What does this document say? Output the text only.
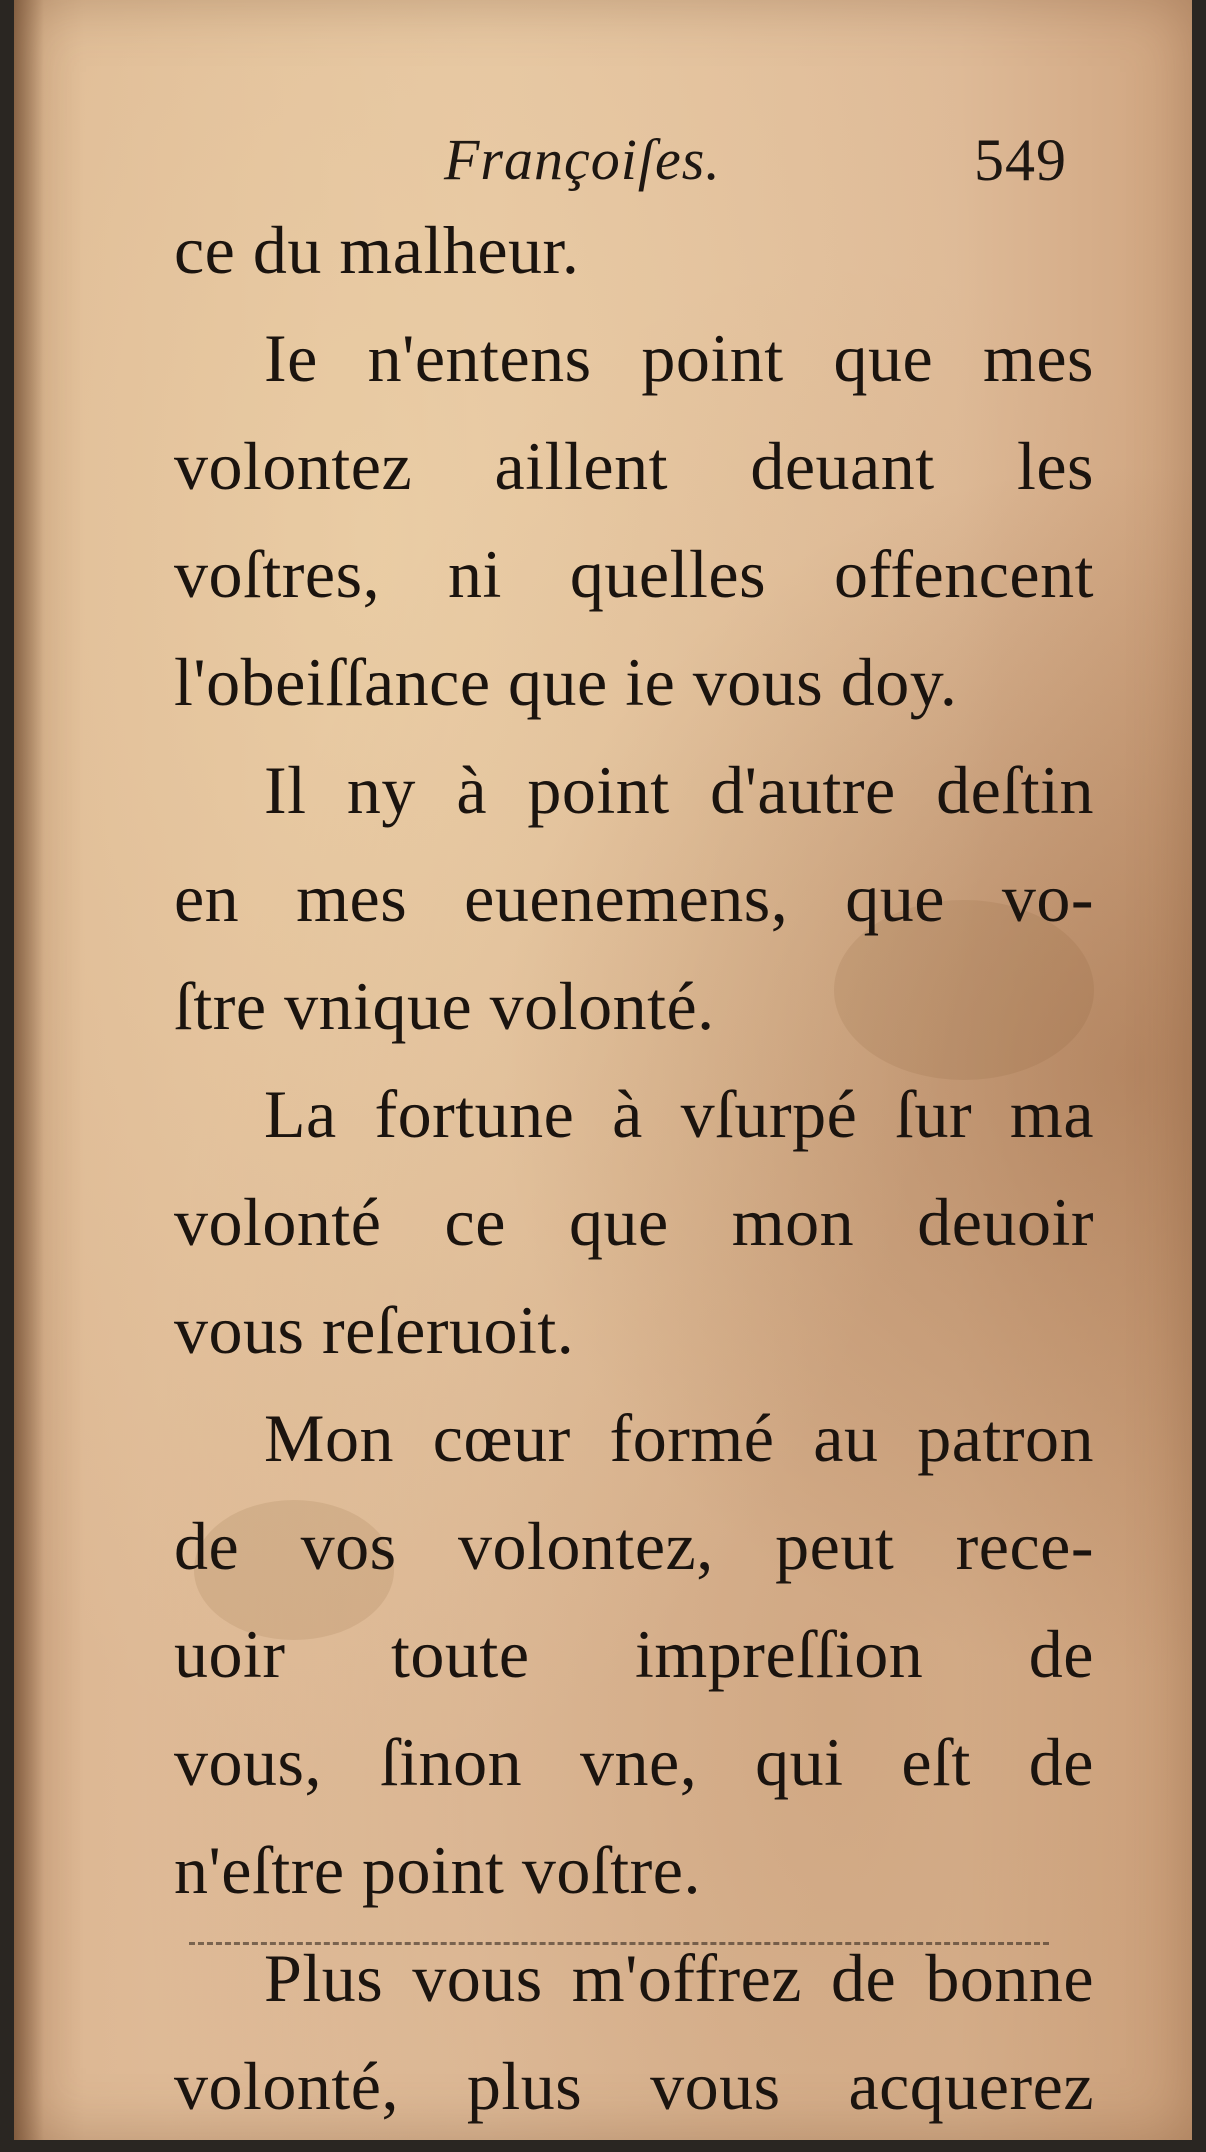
Françoiſes.	549
ce du malheur.
Ie n'entens point que mes
volontez aillent deuant les
voſtres, ni quelles offencent
l'obeiſſance que ie vous doy.
Il ny à point d'autre deſtin
en mes euenemens, que vo-
ſtre vnique volonté.
La fortune à vſurpé ſur ma
volonté ce que mon deuoir
vous reſeruoit.
Mon cœur formé au patron
de vos volontez, peut rece-
uoir toute impreſſion de
vous, ſinon vne, qui eſt de
n'eſtre point voſtre.
Plus vous m'offrez de bonne
volonté, plus vous acquerez
